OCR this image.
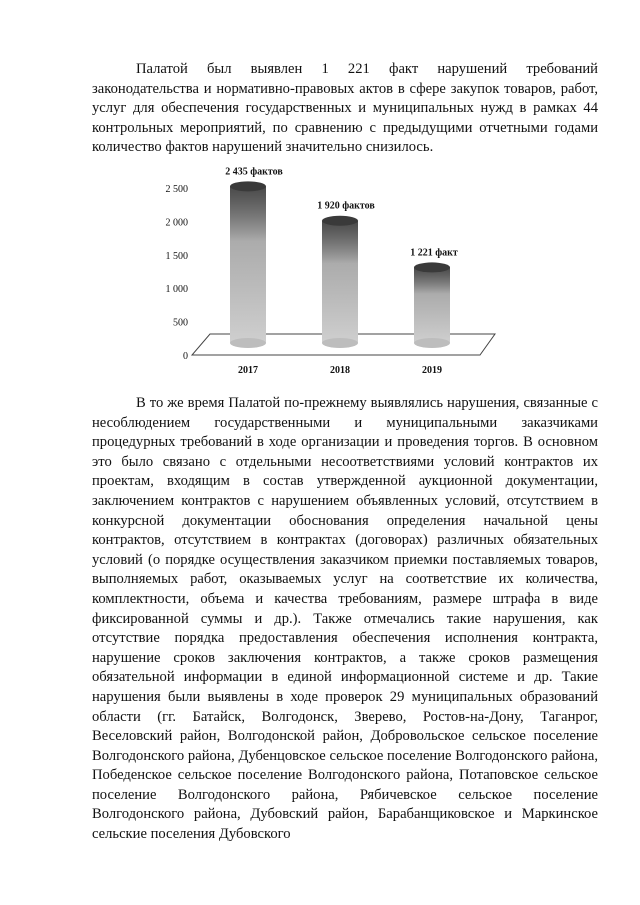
Палатой был выявлен 1 221 факт нарушений требований законодательства и нормативно-правовых актов в сфере закупок товаров, работ, услуг для обеспечения государственных и муниципальных нужд в рамках 44 контрольных мероприятий, по сравнению с предыдущими отчетными годами количество фактов нарушений значительно снизилось.

0
500
1 000
1 500
2 000
2 500
2 435 фактов
2017
1 920 фактов
2018
1 221 факт
2019

В то же время Палатой по-прежнему выявлялись нарушения, связанные с несоблюдением государственными и муниципальными заказчиками процедурных требований в ходе организации и проведения торгов. В основном это было связано с отдельными несоответствиями условий контрактов их проектам, входящим в состав утвержденной аукционной документации, заключением контрактов с нарушением объявленных условий, отсутствием в конкурсной документации обоснования определения начальной цены контрактов, отсутствием в контрактах (договорах) различных обязательных условий (о порядке осуществления заказчиком приемки поставляемых товаров, выполняемых работ, оказываемых услуг на соответствие их количества, комплектности, объема и качества требованиям, размере штрафа в виде фиксированной суммы и др.). Также отмечались такие нарушения, как отсутствие порядка предоставления обеспечения исполнения контракта, нарушение сроков заключения контрактов, а также сроков размещения обязательной информации в единой информационной системе и др. Такие нарушения были выявлены в ходе проверок 29 муниципальных образований области (гг. Батайск, Волгодонск, Зверево, Ростов-на-Дону, Таганрог, Веселовский район, Волгодонской район, Добровольское сельское поселение Волгодонского района, Дубенцовское сельское поселение Волгодонского района, Победенское сельское поселение Волгодонского района, Потаповское сельское поселение Волгодонского района, Рябичевское сельское поселение Волгодонского района, Дубовский район, Барабанщиковское и Маркинское сельские поселения Дубовского
